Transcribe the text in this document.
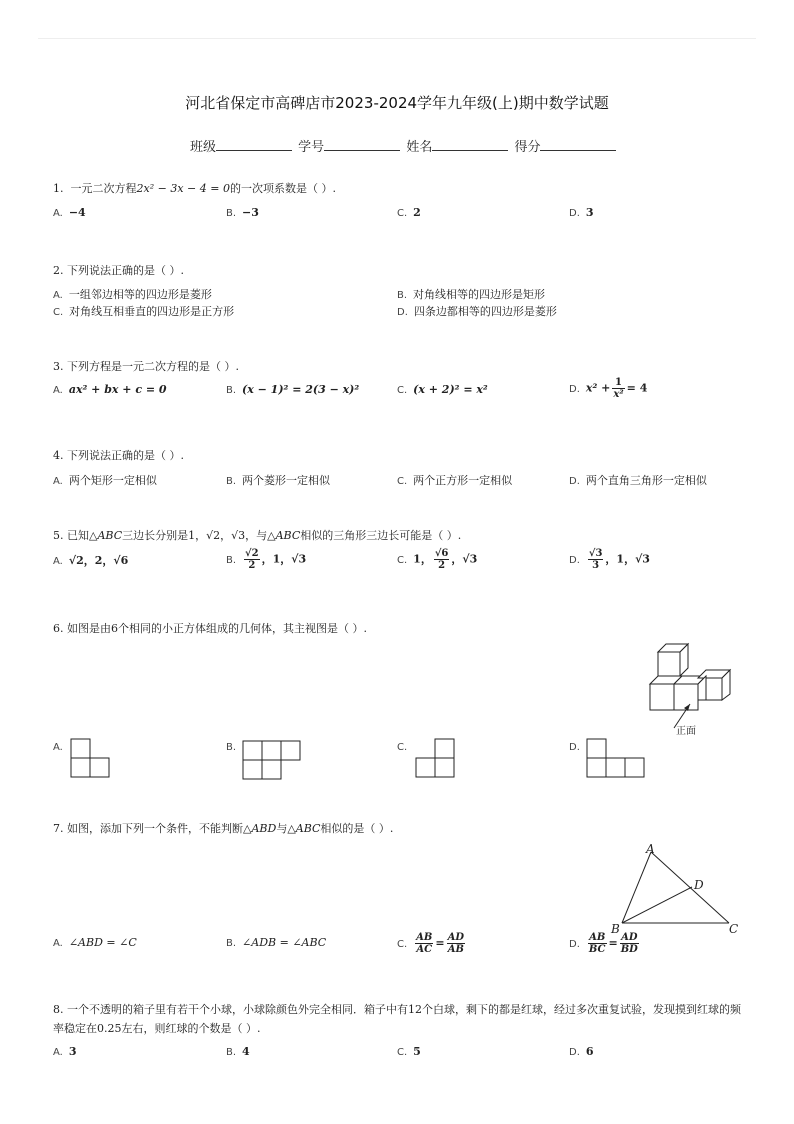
河北省保定市高碑店市2023-2024学年九年级(上)期中数学试题
班级	学号	姓名	得分
1. 一元二次方程2x² − 3x − 4 = 0的一次项系数是（ ）.
A. −4	B. −3	C. 2	D. 3
2. 下列说法正确的是（ ）.
A. 一组邻边相等的四边形是菱形	B. 对角线相等的四边形是矩形
C. 对角线互相垂直的四边形是正方形	D. 四条边都相等的四边形是菱形
3. 下列方程是一元二次方程的是（ ）.
A. ax² + bx + c = 0	B. (x − 1)² = 2(3 − x)²	C. (x + 2)² = x²	D. $x^2 + \frac{1}{\text{x²}} = 4$
4. 下列说法正确的是（ ）.
A. 两个矩形一定相似	B. 两个菱形一定相似	C. 两个正方形一定相似	D. 两个直角三角形一定相似
5. 已知△ABC三边长分别是1，√2，√3，与△ABC相似的三角形三边长可能是（ ）.
A. √2，2，√6	B. $\frac{√2}{2}$ ，1，√3	C. 1， $\frac{√6}{2}$ ，√3	D. $\frac{√3}{3}$ ，1，√3
6. 如图是由6个相同的小正方体组成的几何体，其主视图是（ ）.
正面
A.	B.	C.	D.
7. 如图，添加下列一个条件，不能判断△ABD与△ABC相似的是（ ）.
A
D
B	C
A. ∠ABD = ∠C	B. ∠ADB = ∠ABC	C. $\frac{AB}{AC} = \frac{AD}{AB}$	D. $\frac{AB}{BC} = \frac{AD}{BD}$
8. 一个不透明的箱子里有若干个小球，小球除颜色外完全相同．箱子中有12个白球，剩下的都是红球，经过多次重复试验，发现摸到红球的频率稳定在0.25左右，则红球的个数是（ ）.
A. 3	B. 4	C. 5	D. 6
